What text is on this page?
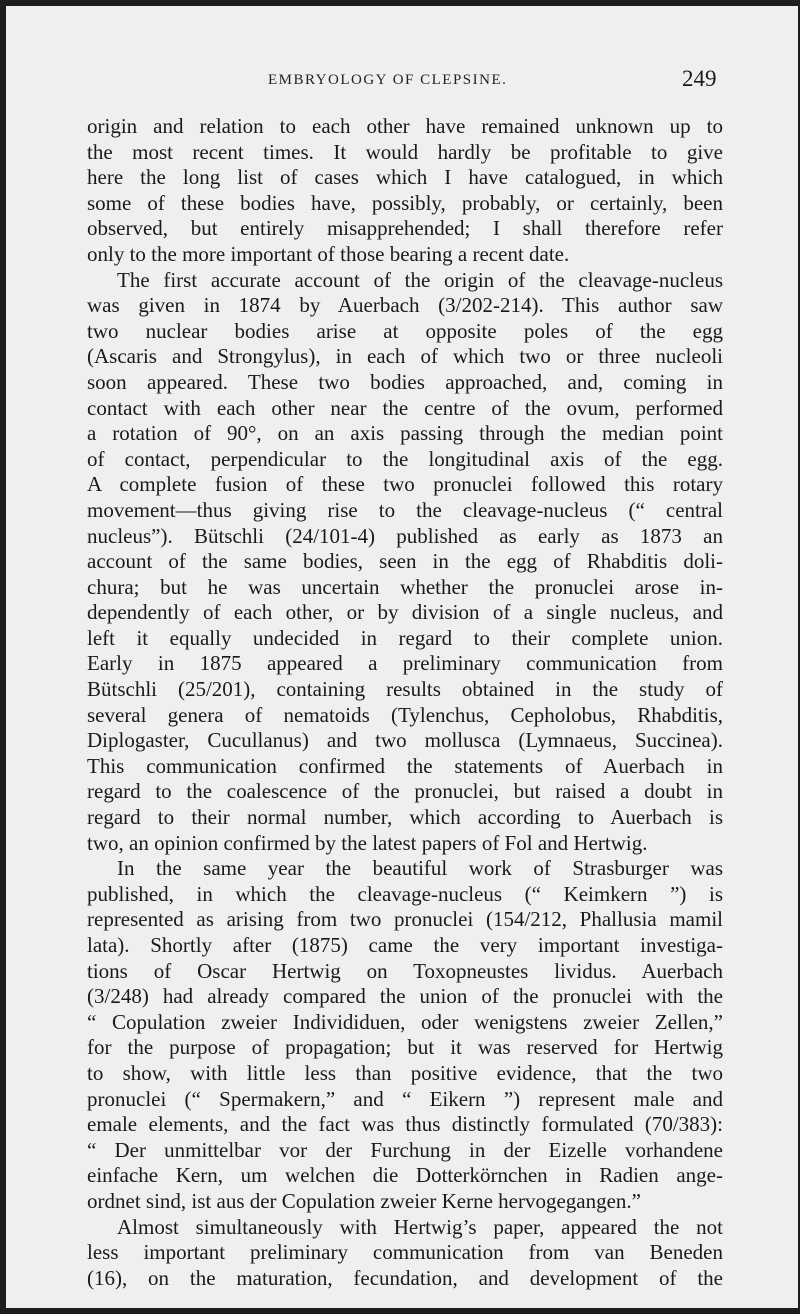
EMBRYOLOGY OF CLEPSINE.	249
origin and relation to each other have remained unknown up to
the most recent times. It would hardly be profitable to give
here the long list of cases which I have catalogued, in which
some of these bodies have, possibly, probably, or certainly, been
observed, but entirely misapprehended; I shall therefore refer
only to the more important of those bearing a recent date.
The first accurate account of the origin of the cleavage-nucleus
was given in 1874 by Auerbach (3/202-214). This author saw
two nuclear bodies arise at opposite poles of the egg
(Ascaris and Strongylus), in each of which two or three nucleoli
soon appeared. These two bodies approached, and, coming in
contact with each other near the centre of the ovum, performed
a rotation of 90°, on an axis passing through the median point
of contact, perpendicular to the longitudinal axis of the egg.
A complete fusion of these two pronuclei followed this rotary
movement—thus giving rise to the cleavage-nucleus (“ central
nucleus”). Bütschli (24/101-4) published as early as 1873 an
account of the same bodies, seen in the egg of Rhabditis doli-
chura; but he was uncertain whether the pronuclei arose in-
dependently of each other, or by division of a single nucleus, and
left it equally undecided in regard to their complete union.
Early in 1875 appeared a preliminary communication from
Bütschli (25/201), containing results obtained in the study of
several genera of nematoids (Tylenchus, Cepholobus, Rhabditis,
Diplogaster, Cucullanus) and two mollusca (Lymnaeus, Succinea).
This communication confirmed the statements of Auerbach in
regard to the coalescence of the pronuclei, but raised a doubt in
regard to their normal number, which according to Auerbach is
two, an opinion confirmed by the latest papers of Fol and Hertwig.
In the same year the beautiful work of Strasburger was
published, in which the cleavage-nucleus (“ Keimkern ”) is
represented as arising from two pronuclei (154/212, Phallusia mamil
lata). Shortly after (1875) came the very important investiga-
tions of Oscar Hertwig on Toxopneustes lividus. Auerbach
(3/248) had already compared the union of the pronuclei with the
“ Copulation zweier Individiduen, oder wenigstens zweier Zellen,”
for the purpose of propagation; but it was reserved for Hertwig
to show, with little less than positive evidence, that the two
pronuclei (“ Spermakern,” and “ Eikern ”) represent male and
emale elements, and the fact was thus distinctly formulated (70/383):
“ Der unmittelbar vor der Furchung in der Eizelle vorhandene
einfache Kern, um welchen die Dotterkörnchen in Radien ange-
ordnet sind, ist aus der Copulation zweier Kerne hervogegangen.”
Almost simultaneously with Hertwig’s paper, appeared the not
less important preliminary communication from van Beneden
(16), on the maturation, fecundation, and development of the
